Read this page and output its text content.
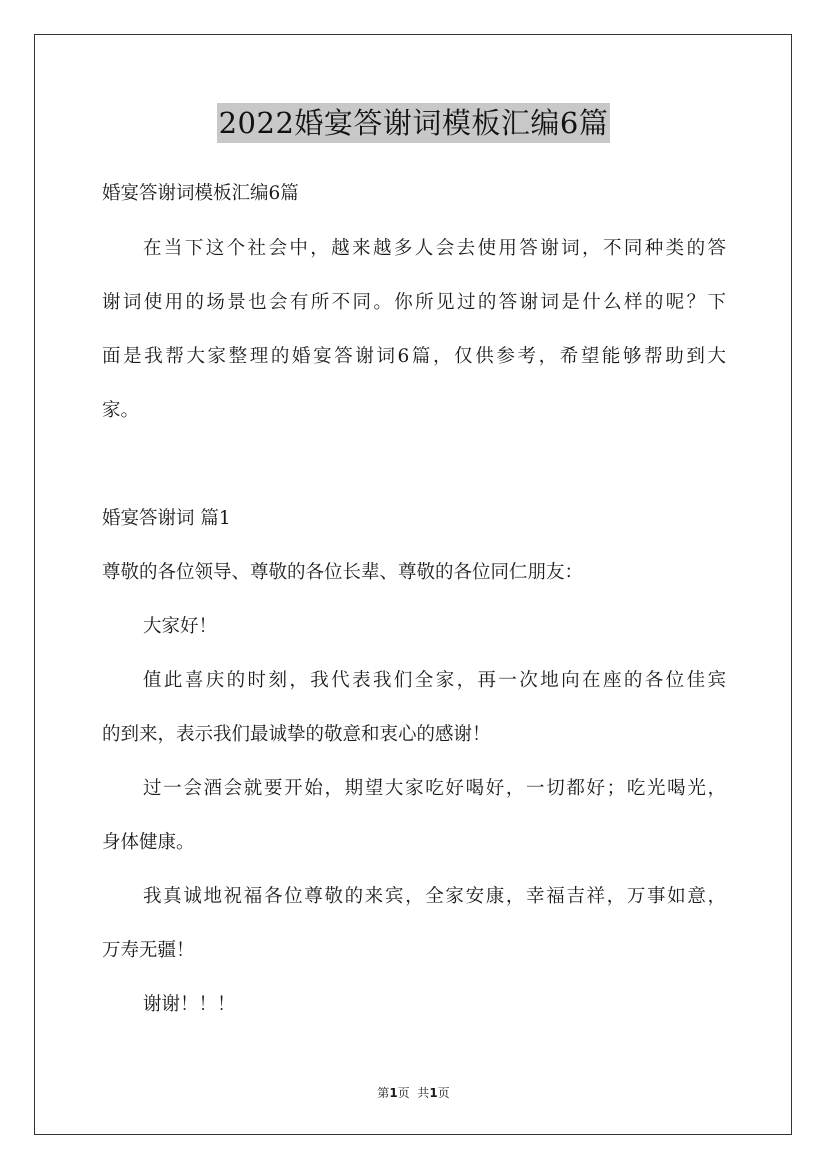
2022婚宴答谢词模板汇编6篇
婚宴答谢词模板汇编6篇
在当下这个社会中，越来越多人会去使用答谢词，不同种类的答
谢词使用的场景也会有所不同。你所见过的答谢词是什么样的呢？下
面是我帮大家整理的婚宴答谢词6篇，仅供参考，希望能够帮助到大
家。
婚宴答谢词 篇1
尊敬的各位领导、尊敬的各位长辈、尊敬的各位同仁朋友：
大家好！
值此喜庆的时刻，我代表我们全家，再一次地向在座的各位佳宾
的到来，表示我们最诚挚的敬意和衷心的感谢！
过一会酒会就要开始，期望大家吃好喝好，一切都好；吃光喝光，
身体健康。
我真诚地祝福各位尊敬的来宾，全家安康，幸福吉祥，万事如意，
万寿无疆！
谢谢！！！
第1页  共1页
